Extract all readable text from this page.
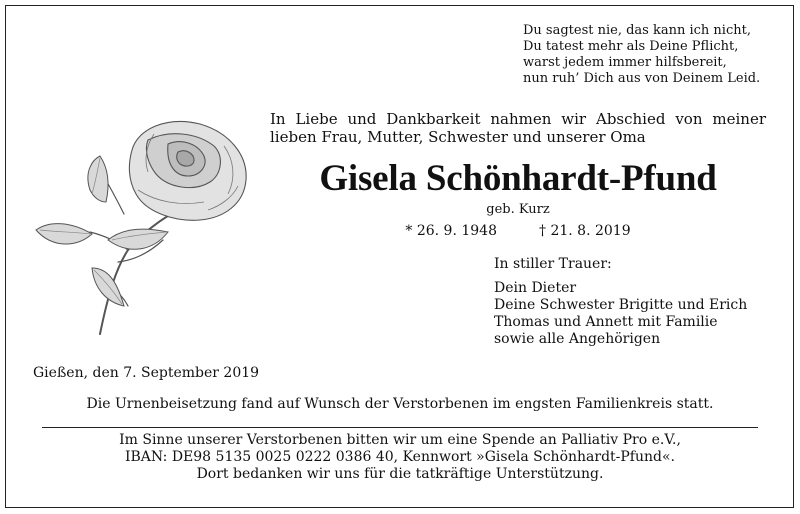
Du sagtest nie, das kann ich nicht,
Du tatest mehr als Deine Pflicht,
warst jedem immer hilfsbereit,
nun ruh’ Dich aus von Deinem Leid.
In Liebe und Dankbarkeit nahmen wir Abschied von meiner
lieben Frau, Mutter, Schwester und unserer Oma
Gisela Schönhardt-Pfund
geb. Kurz
* 26. 9. 1948	† 21. 8. 2019
In stiller Trauer:
Dein Dieter
Deine Schwester Brigitte und Erich
Thomas und Annett mit Familie
sowie alle Angehörigen
Gießen, den 7. September 2019
Die Urnenbeisetzung fand auf Wunsch der Verstorbenen im engsten Familienkreis statt.
Im Sinne unserer Verstorbenen bitten wir um eine Spende an Palliativ Pro e.V.,
IBAN: DE98 5135 0025 0222 0386 40, Kennwort »Gisela Schönhardt-Pfund«.
Dort bedanken wir uns für die tatkräftige Unterstützung.
